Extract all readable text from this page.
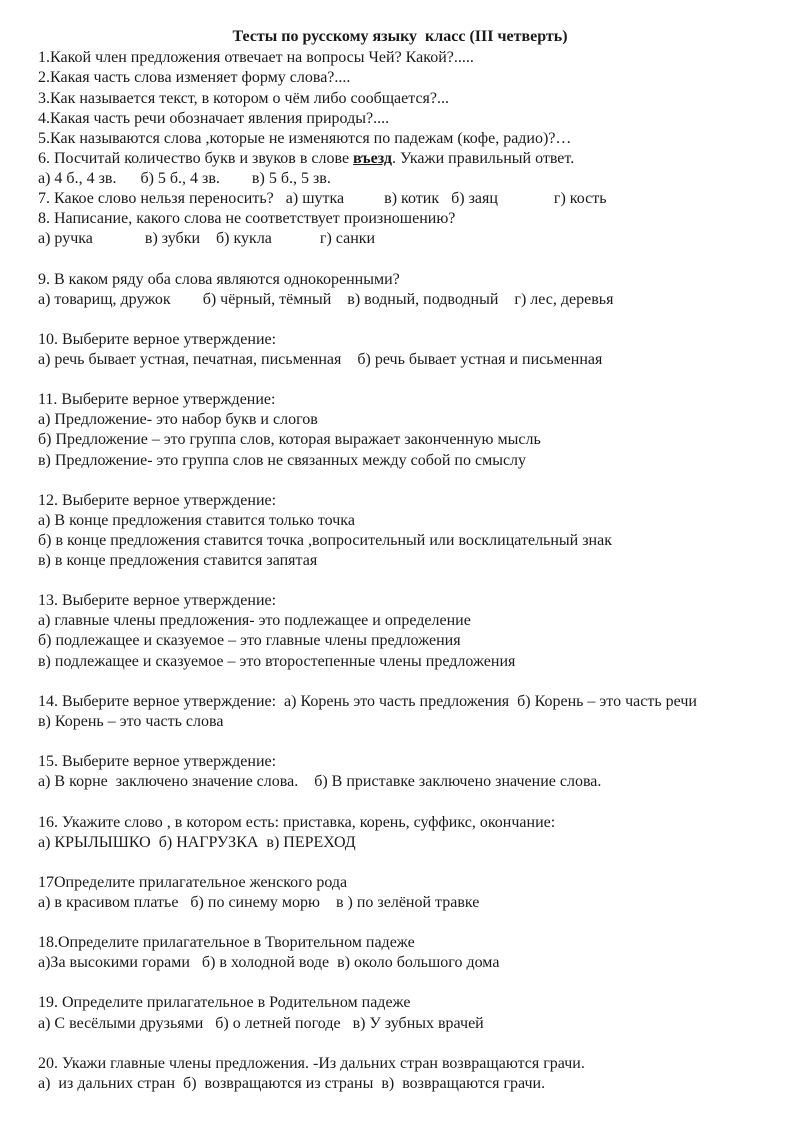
Тесты по русскому языку  класс (III четверть)
1.Какой член предложения отвечает на вопросы Чей? Какой?.....
2.Какая часть слова изменяет форму слова?....
3.Как называется текст, в котором о чём либо сообщается?...
4.Какая часть речи обозначает явления природы?....
5.Как называются слова ,которые не изменяются по падежам (кофе, радио)?…
6. Посчитай количество букв и звуков в слове въезд. Укажи правильный ответ.
а) 4 б., 4 зв.      б) 5 б., 4 зв.        в) 5 б., 5 зв.
7. Какое слово нельзя переносить?   а) шутка          в) котик   б) заяц              г) кость
8. Написание, какого слова не соответствует произношению?
а) ручка             в) зубки    б) кукла            г) санки
9. В каком ряду оба слова являются однокоренными?
а) товарищ, дружок        б) чёрный, тёмный    в) водный, подводный    г) лес, деревья
10. Выберите верное утверждение:
а) речь бывает устная, печатная, письменная    б) речь бывает устная и письменная
11. Выберите верное утверждение:
а) Предложение- это набор букв и слогов
б) Предложение – это группа слов, которая выражает законченную мысль
в) Предложение- это группа слов не связанных между собой по смыслу
12. Выберите верное утверждение:
а) В конце предложения ставится только точка
б) в конце предложения ставится точка ,вопросительный или восклицательный знак
в) в конце предложения ставится запятая
13. Выберите верное утверждение:
а) главные члены предложения- это подлежащее и определение
б) подлежащее и сказуемое – это главные члены предложения
в) подлежащее и сказуемое – это второстепенные члены предложения
14. Выберите верное утверждение:  а) Корень это часть предложения  б) Корень – это часть речи
в) Корень – это часть слова
15. Выберите верное утверждение:
а) В корне  заключено значение слова.    б) В приставке заключено значение слова.
16. Укажите слово , в котором есть: приставка, корень, суффикс, окончание:
а) КРЫЛЫШКО  б) НАГРУЗКА  в) ПЕРЕХОД
17Определите прилагательное женского рода
а) в красивом платье   б) по синему морю    в ) по зелёной травке
18.Определите прилагательное в Творительном падеже
а)За высокими горами   б) в холодной воде  в) около большого дома
19. Определите прилагательное в Родительном падеже
а) С весёлыми друзьями   б) о летней погоде   в) У зубных врачей
20. Укажи главные члены предложения. -Из дальних стран возвращаются грачи.
а)  из дальних стран  б)  возвращаются из страны  в)  возвращаются грачи.
